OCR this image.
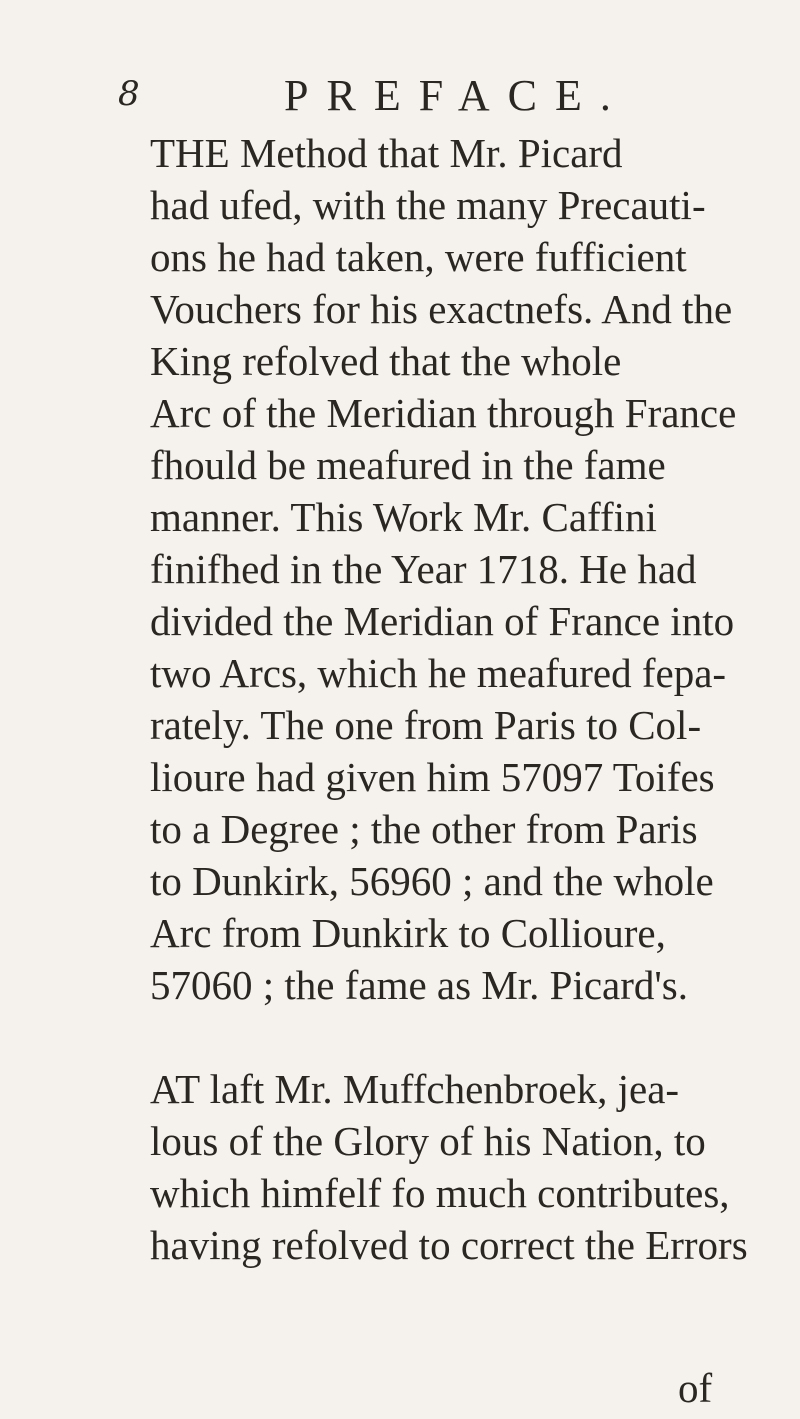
8	PREFACE.

THE Method that Mr. Picard
had ufed, with the many Precauti-
ons he had taken, were fufficient
Vouchers for his exactnefs. And the
King refolved that the whole
Arc of the Meridian through France
fhould be meafured in the fame
manner. This Work Mr. Caffini
finifhed in the Year 1718. He had
divided the Meridian of France into
two Arcs, which he meafured fepa-
rately. The one from Paris to Col-
lioure had given him 57097 Toifes
to a Degree ; the other from Paris
to Dunkirk, 56960 ; and the whole
Arc from Dunkirk to Collioure,
57060 ; the fame as Mr. Picard's.

AT laft Mr. Muffchenbroek, jea-
lous of the Glory of his Nation, to
which himfelf fo much contributes,
having refolved to correct the Errors

of
